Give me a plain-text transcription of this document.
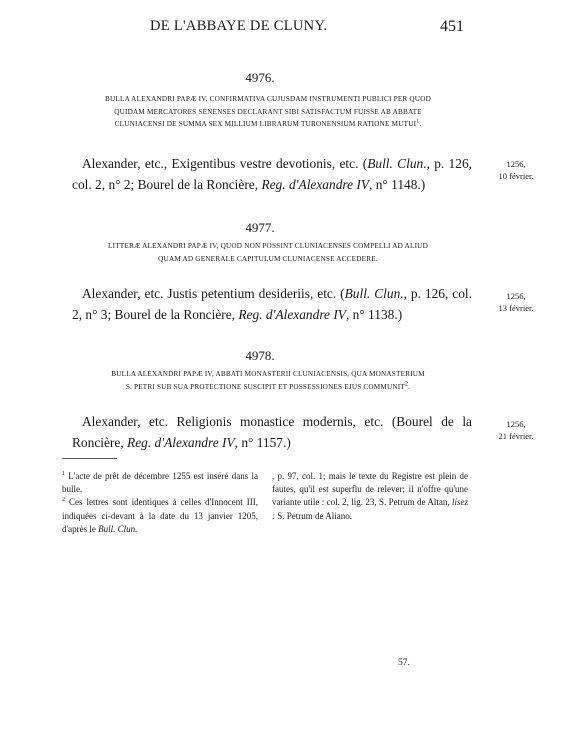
DE L'ABBAYE DE CLUNY.	451
4976.
BULLA ALEXANDRI PAPÆ IV, CONFIRMATIVA CUJUSDAM INSTRUMENTI PUBLICI PER QUOD
QUIDAM MERCATORES SENENSES DECLARANT SIBI SATISFACTUM FUISSE AB ABBATE
CLUNIACENSI DE SUMMA SEX MILLIUM LIBRARUM TURONENSIUM RATIONE MUTUI$^1$.
Alexander, etc., Exigentibus vestre devotionis, etc. (Bull. Clun., p. 126, col. 2, n° 2; Bourel de la Roncière, Reg. d'Alexandre IV, n° 1148.)
1256,
10 février.
4977.
LITTERÆ ALEXANDRI PAPÆ IV, QUOD NON POSSINT CLUNIACENSES COMPELLI AD ALIUD
QUAM AD GENERALE CAPITULUM CLUNIACENSE ACCEDERE.
Alexander, etc. Justis petentium desideriis, etc. (Bull. Clun., p. 126, col. 2, n° 3; Bourel de la Roncière, Reg. d'Alexandre IV, n° 1138.)
1256,
13 février.
4978.
BULLA ALEXANDRI PAPÆ IV, ABBATI MONASTERII CLUNIACENSIS, QUA MONASTERIUM
S. PETRI SUB SUA PROTECTIONE SUSCIPIT ET POSSESSIONES EJUS COMMUNIT$^2$.
Alexander, etc. Religionis monastice modernis, etc. (Bourel de la Roncière, Reg. d'Alexandre IV, n° 1157.)
1256,
21 février.

$^1$ L'acte de prêt de décembre 1255 est inséré dans la bulle.

$^2$ Ces lettres sont identiques à celles d'Innocent III, indiquées ci-devant à la date du 13 janvier 1205, d'après le Bull. Clun.

, p. 97, col. 1; mais le texte du Registre est plein de fautes, qu'il est superflu de relever; il n'offre qu'une variante utile : col. 2, lig. 23, S. Petrum de Altan, lisez : S. Petrum de Aliano.

57.
